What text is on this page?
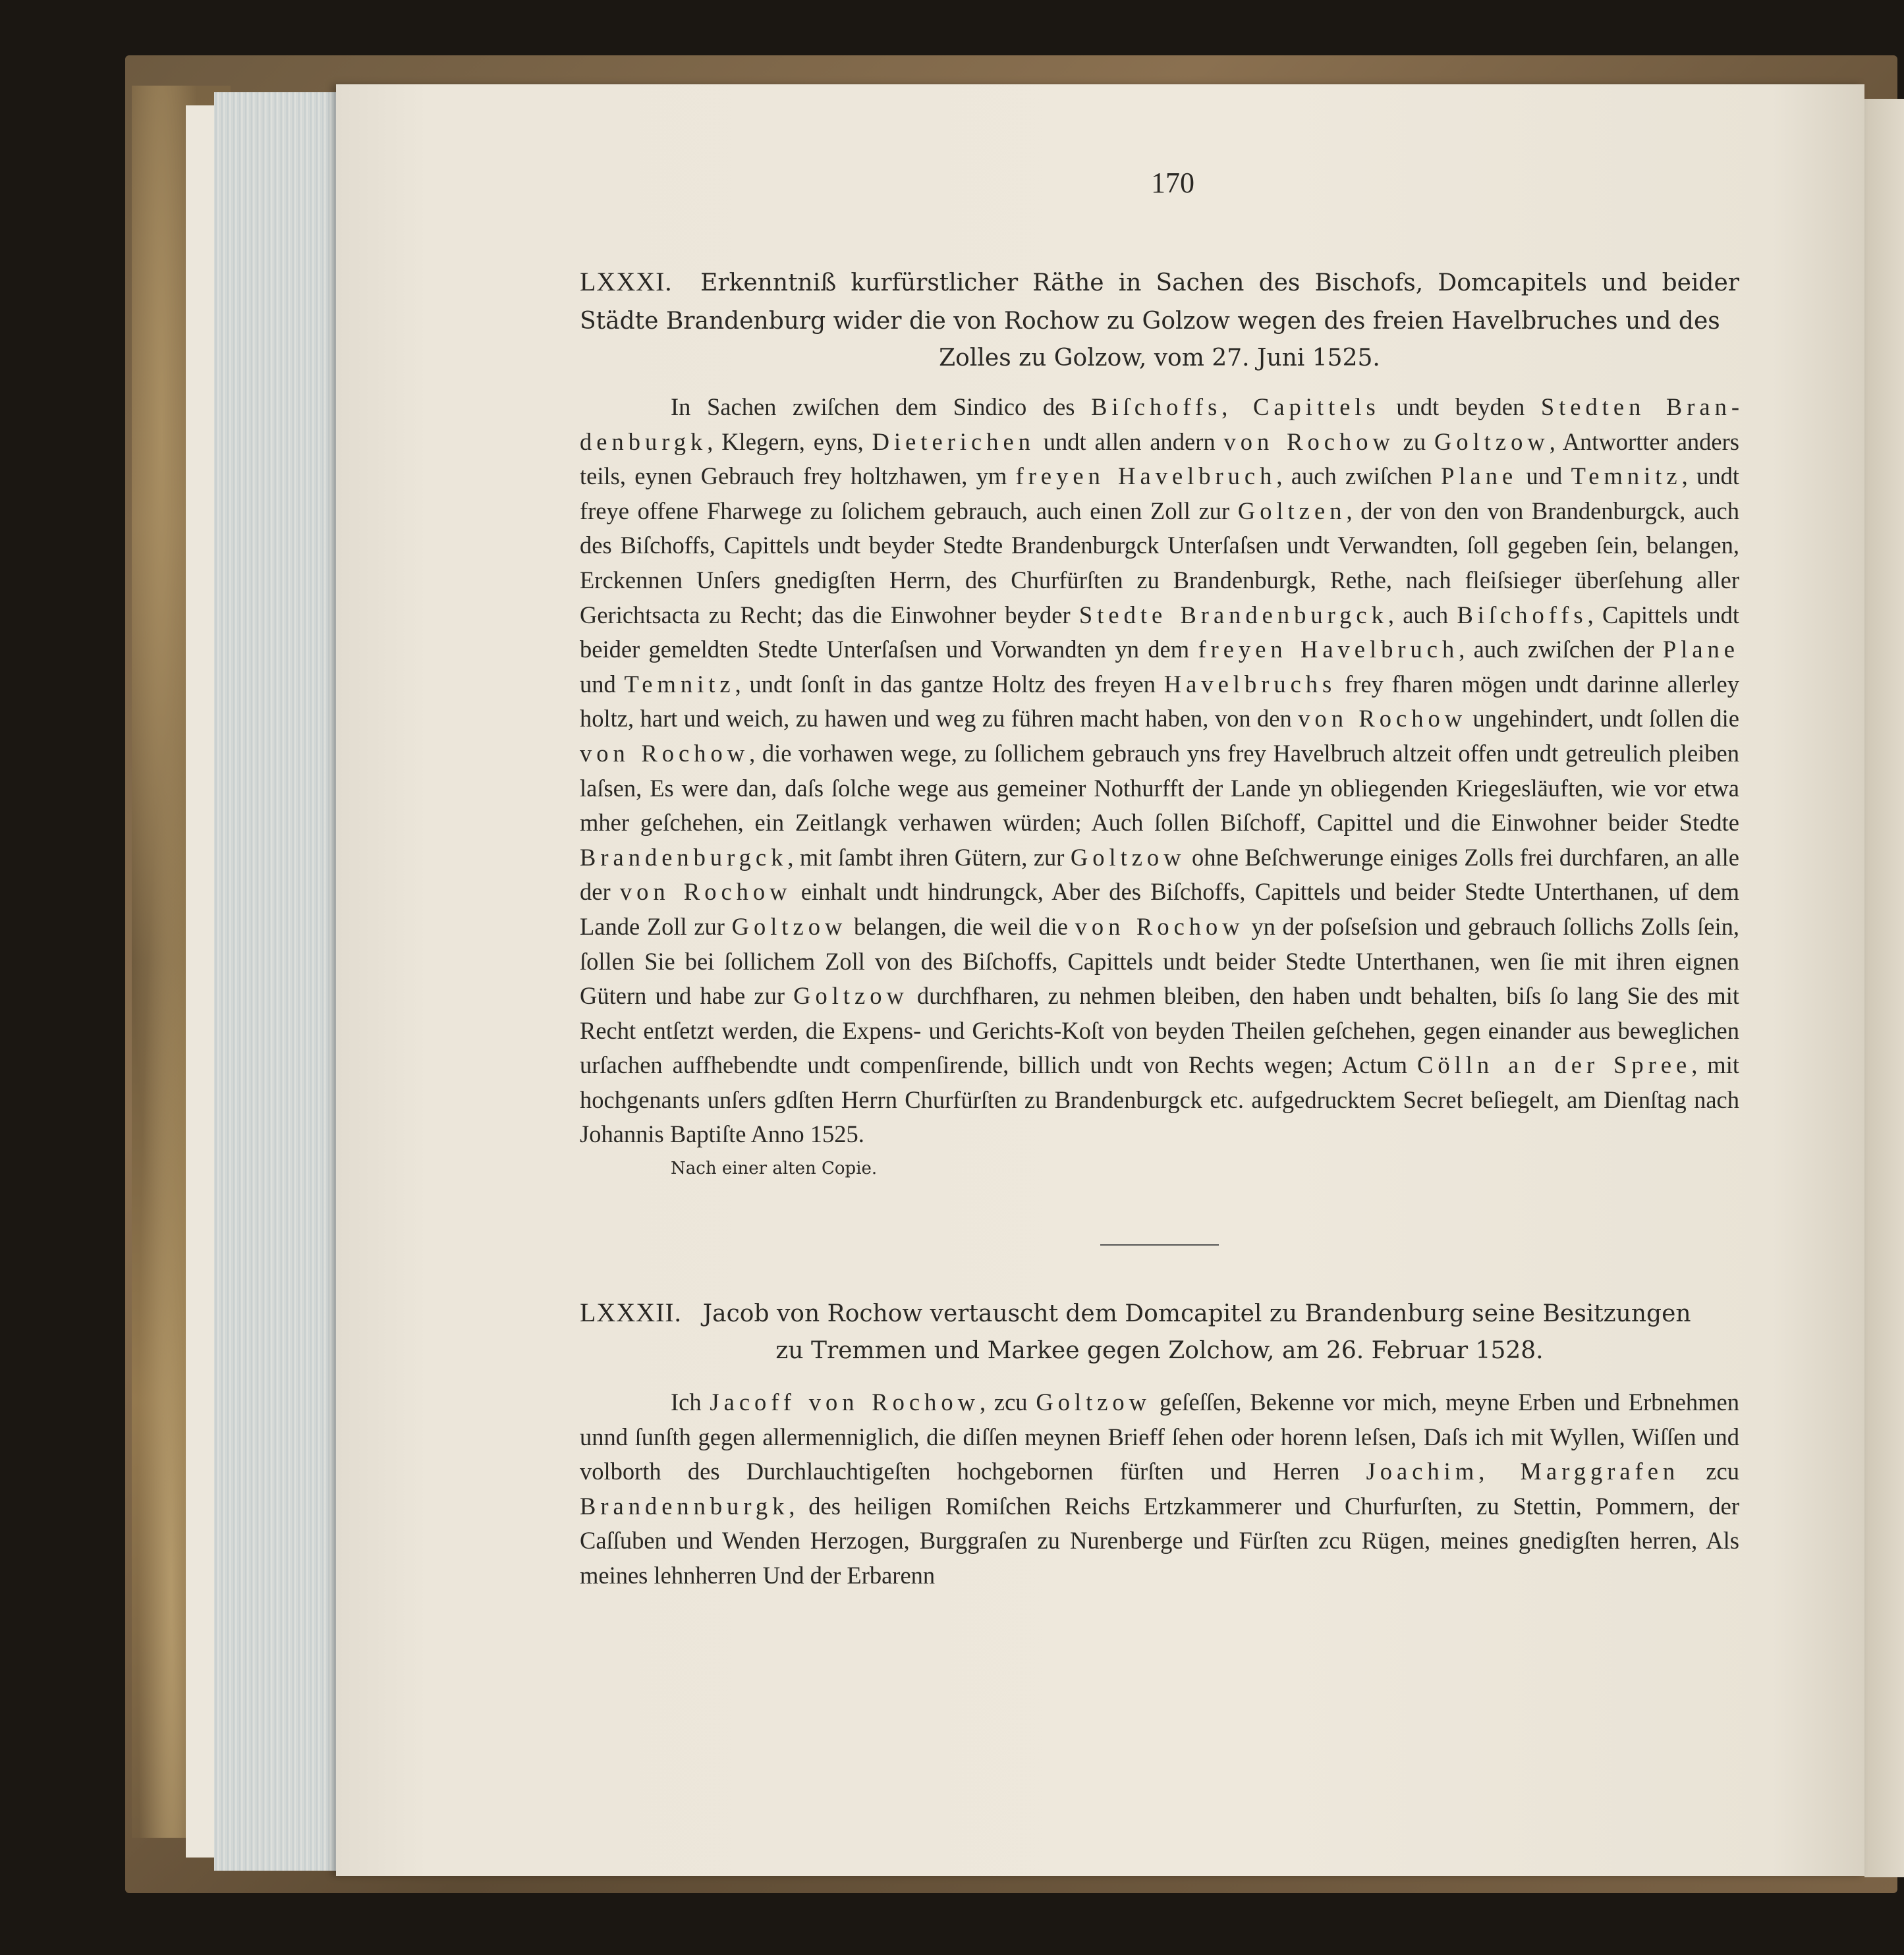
170

LXXXI. Erkenntniß kurfürstlicher Räthe in Sachen des Bischofs, Domcapitels und beider Städte Brandenburg wider die von Rochow zu Golzow wegen des freien Havelbruches und des
Zolles zu Golzow, vom 27. Juni 1525.

In Sachen zwiſchen dem Sindico des Biſchoffs, Capittels undt beyden Stedten Brandenburgk, Klegern, eyns, Dieterichen undt allen andern von Rochow zu Goltzow, Antwortter anders teils, eynen Gebrauch frey holtzhawen, ym freyen Havelbruch, auch zwiſchen Plane und Temnitz, undt freye offene Fharwege zu ſolichem gebrauch, auch einen Zoll zur Goltzen, der von den von Brandenburgck, auch des Biſchoffs, Capittels undt beyder Stedte Brandenburgck Unterſaſsen undt Verwandten, ſoll gegeben ſein, belangen, Erckennen Unſers gnedigſten Herrn, des Churfürſten zu Brandenburgk, Rethe, nach fleiſsieger überſehung aller Gerichtsacta zu Recht; das die Einwohner beyder Stedte Brandenburgck, auch Biſchoffs, Capittels undt beider gemeldten Stedte Unterſaſsen und Vorwandten yn dem freyen Havelbruch, auch zwiſchen der Plane und Temnitz, undt ſonſt in das gantze Holtz des freyen Havelbruchs frey fharen mögen undt darinne allerley holtz, hart und weich, zu hawen und weg zu führen macht haben, von den von Rochow ungehindert, undt ſollen die von Rochow, die vorhawen wege, zu ſollichem gebrauch yns frey Havelbruch altzeit offen undt getreulich pleiben laſsen, Es were dan, daſs ſolche wege aus gemeiner Nothurfft der Lande yn obliegenden Kriegesläuften, wie vor etwa mher geſchehen, ein Zeitlangk verhawen würden; Auch ſollen Biſchoff, Capittel und die Einwohner beider Stedte Brandenburgck, mit ſambt ihren Gütern, zur Goltzow ohne Beſchwerunge einiges Zolls frei durchfaren, an alle der von Rochow einhalt undt hindrungck, Aber des Biſchoffs, Capittels und beider Stedte Unterthanen, uf dem Lande Zoll zur Goltzow belangen, die weil die von Rochow yn der poſseſsion und gebrauch ſollichs Zolls ſein, ſollen Sie bei ſollichem Zoll von des Biſchoffs, Capittels undt beider Stedte Unterthanen, wen ſie mit ihren eignen Gütern und habe zur Goltzow durchfharen, zu nehmen bleiben, den haben undt behalten, biſs ſo lang Sie des mit Recht entſetzt werden, die Expens- und Gerichts-Koſt von beyden Theilen geſchehen, gegen einander aus beweglichen urſachen auffhebendte undt compenſirende, billich undt von Rechts wegen; Actum Cölln an der Spree, mit hochgenants unſers gdſten Herrn Churfürſten zu Brandenburgck etc. aufgedrucktem Secret beſiegelt, am Dienſtag nach Johannis Baptiſte Anno 1525.

Nach einer alten Copie.

LXXXII. Jacob von Rochow vertauscht dem Domcapitel zu Brandenburg seine Besitzungen
zu Tremmen und Markee gegen Zolchow, am 26. Februar 1528.

Ich Jacoff von Rochow, zcu Goltzow geſeſſen, Bekenne vor mich, meyne Erben und Erbnehmen unnd ſunſth gegen allermenniglich, die diſſen meynen Brieff ſehen oder horenn leſsen, Daſs ich mit Wyllen, Wiſſen und volborth des Durchlauchtigeſten hochgebornen fürſten und Herren Joachim, Marggrafen zcu Brandennburgk, des heiligen Romiſchen Reichs Ertzkammerer und Churfurſten, zu Stettin, Pommern, der Caſſuben und Wenden Herzogen, Burggraſen zu Nurenberge und Fürſten zcu Rügen, meines gnedigſten herren, Als meines lehnherren Und der Erbarenn
